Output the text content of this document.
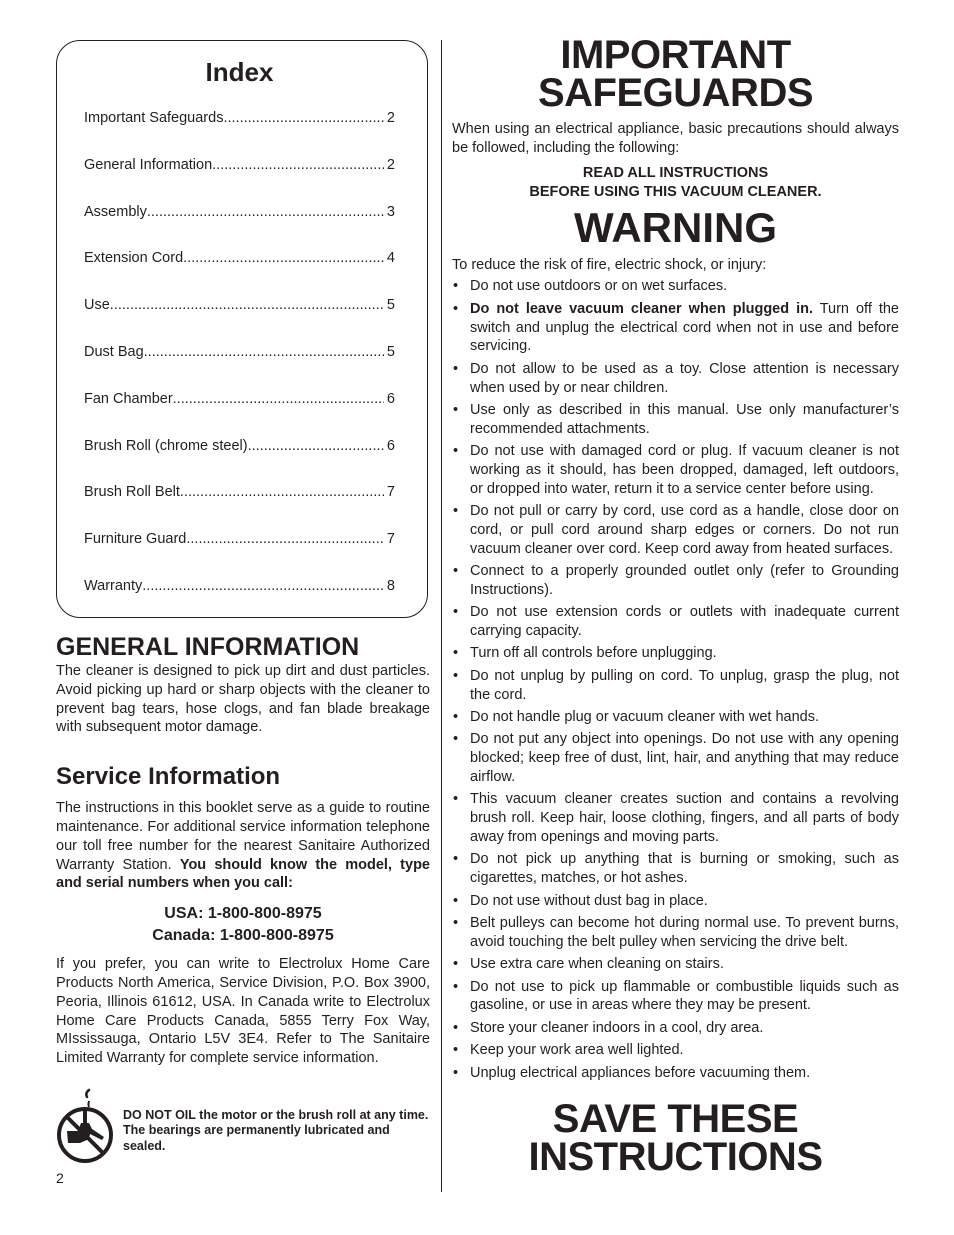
Index
Important Safeguards .....	2
General Information .....	2
Assembly .....	3
Extension Cord .....	4
Use .....	5
Dust Bag .....	5
Fan Chamber .....	6
Brush Roll (chrome steel) .....	6
Brush Roll Belt .....	7
Furniture Guard .....	7
Warranty .....	8
GENERAL INFORMATION

The cleaner is designed to pick up dirt and dust particles. Avoid picking up hard or sharp objects with the cleaner to prevent bag tears, hose clogs, and fan blade breakage with subsequent motor damage.

Service Information

The instructions in this booklet serve as a guide to routine maintenance. For additional service information telephone our toll free number for the nearest Sanitaire Authorized Warranty Station. You should know the model, type and serial numbers when you call:

USA: 1-800-800-8975
Canada: 1-800-800-8975

If you prefer, you can write to Electrolux Home Care Products North America, Service Division, P.O. Box 3900, Peoria, Illinois 61612, USA. In Canada write to Electrolux Home Care Products Canada, 5855 Terry Fox Way, MIssissauga, Ontario L5V 3E4. Refer to The Sanitaire Limited Warranty for complete service information.

DO NOT OIL the motor or the brush roll at any time. The bearings are permanently lubricated and sealed.
2
IMPORTANT
SAFEGUARDS

When using an electrical appliance, basic precautions should always be followed, including the following:

READ ALL INSTRUCTIONS
BEFORE USING THIS VACUUM CLEANER.
WARNING

To reduce the risk of fire, electric shock, or injury:

• Do not use outdoors or on wet surfaces.
• Do not leave vacuum cleaner when plugged in. Turn off the switch and unplug the electrical cord when not in use and before servicing.
• Do not allow to be used as a toy. Close attention is necessary when used by or near children.
• Use only as described in this manual. Use only manufacturer’s recommended attachments.
• Do not use with damaged cord or plug. If vacuum cleaner is not working as it should, has been dropped, damaged, left outdoors, or dropped into water, return it to a service center before using.
• Do not pull or carry by cord, use cord as a handle, close door on cord, or pull cord around sharp edges or corners. Do not run vacuum cleaner over cord. Keep cord away from heated surfaces.
• Connect to a properly grounded outlet only (refer to Grounding Instructions).
• Do not use extension cords or outlets with inadequate current carrying capacity.
• Turn off all controls before unplugging.
• Do not unplug by pulling on cord. To unplug, grasp the plug, not the cord.
• Do not handle plug or vacuum cleaner with wet hands.
• Do not put any object into openings. Do not use with any opening blocked; keep free of dust, lint, hair, and anything that may reduce airflow.
• This vacuum cleaner creates suction and contains a revolving brush roll. Keep hair, loose clothing, fingers, and all parts of body away from openings and moving parts.
• Do not pick up anything that is burning or smoking, such as cigarettes, matches, or hot ashes.
• Do not use without dust bag in place.
• Belt pulleys can become hot during normal use. To prevent burns, avoid touching the belt pulley when servicing the drive belt.
• Use extra care when cleaning on stairs.
• Do not use to pick up flammable or combustible liquids such as gasoline, or use in areas where they may be present.
• Store your cleaner indoors in a cool, dry area.
• Keep your work area well lighted.
• Unplug electrical appliances before vacuuming them.
SAVE THESE
INSTRUCTIONS
